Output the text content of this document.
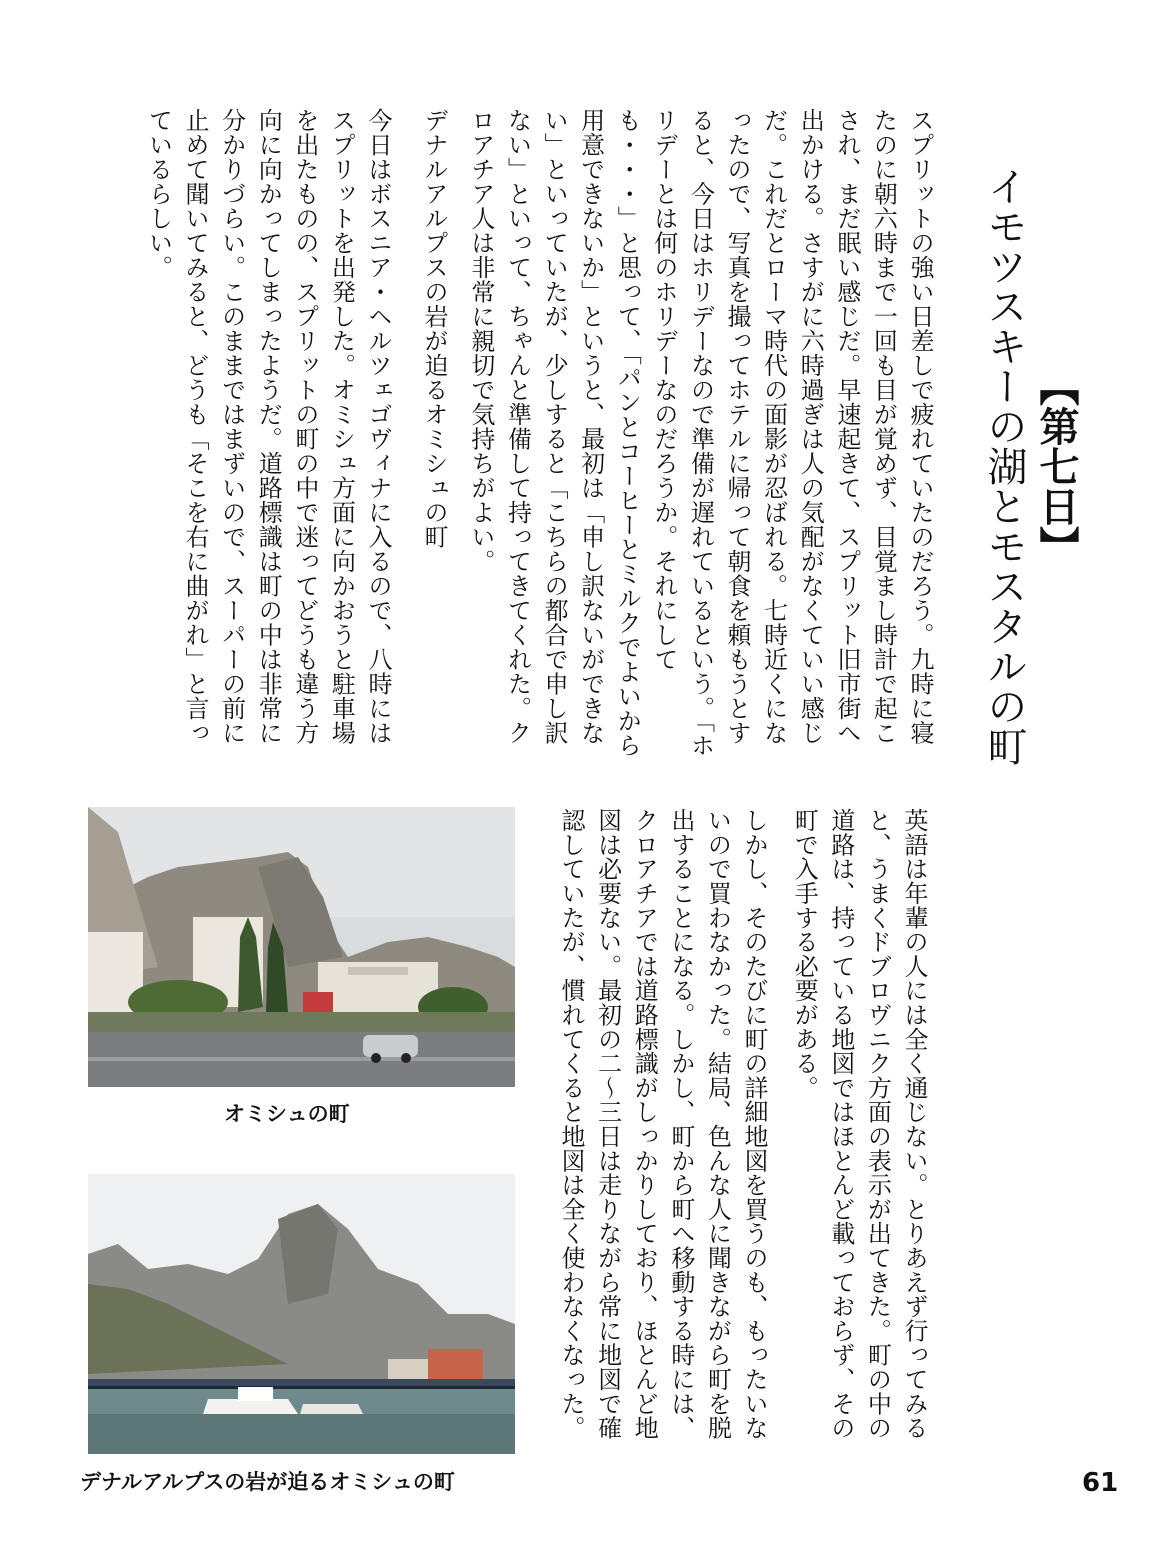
【第七日】
イモツスキーの湖とモスタルの町
スプリットの強い日差しで疲れていたのだろう。九時に寝たのに朝六時まで一回も目が覚めず、目覚まし時計で起こされ、まだ眠い感じだ。早速起きて、スプリット旧市街へ出かける。さすがに六時過ぎは人の気配がなくていい感じだ。これだとローマ時代の面影が忍ばれる。七時近くになったので、写真を撮ってホテルに帰って朝食を頼もうとすると、今日はホリデーなので準備が遅れているという。「ホリデーとは何のホリデーなのだろうか。それにしても・・・」と思って、「パンとコーヒーとミルクでよいから用意できないか」というと、最初は「申し訳ないができない」といっていたが、少しすると「こちらの都合で申し訳ない」といって、ちゃんと準備して持ってきてくれた。クロアチア人は非常に親切で気持ちがよい。
デナルアルプスの岩が迫るオミシュの町
今日はボスニア・ヘルツェゴヴィナに入るので、八時にはスプリットを出発した。オミシュ方面に向かおうと駐車場を出たものの、スプリットの町の中で迷ってどうも違う方向に向かってしまったようだ。道路標識は町の中は非常に分かりづらい。このままではまずいので、スーパーの前に止めて聞いてみると、どうも「そこを右に曲がれ」と言っているらしい。
英語は年輩の人には全く通じない。とりあえず行ってみると、うまくドブロヴニク方面の表示が出てきた。町の中の道路は、持っている地図ではほとんど載っておらず、その町で入手する必要がある。
しかし、そのたびに町の詳細地図を買うのも、もったいないので買わなかった。結局、色んな人に聞きながら町を脱出することになる。しかし、町から町へ移動する時には、クロアチアでは道路標識がしっかりしており、ほとんど地図は必要ない。最初の二～三日は走りながら常に地図で確認していたが、慣れてくると地図は全く使わなくなった。
オミシュの町
デナルアルプスの岩が迫るオミシュの町	61
